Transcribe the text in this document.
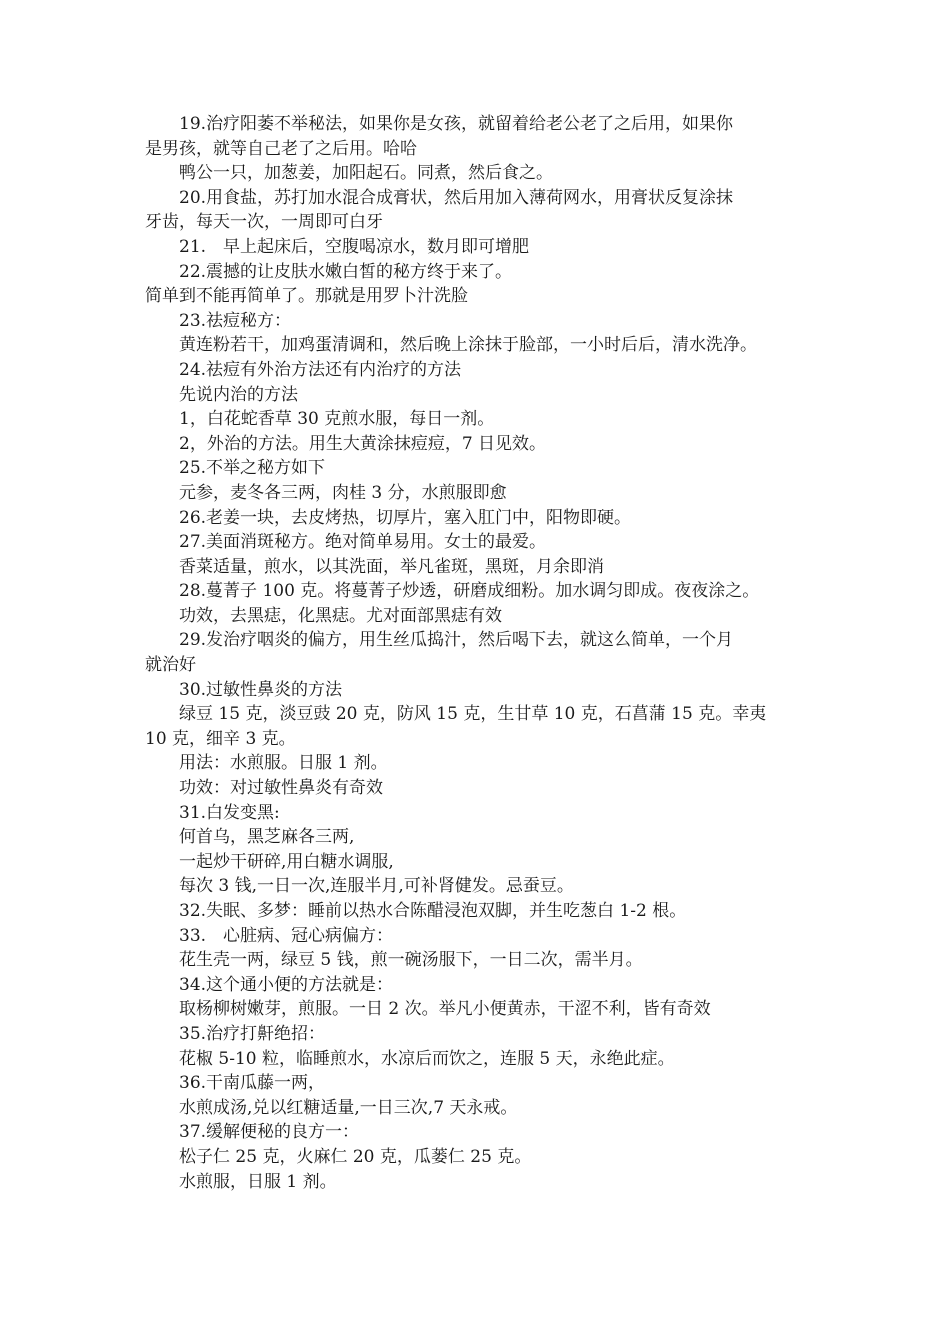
19.治疗阳萎不举秘法，如果你是女孩，就留着给老公老了之后用，如果你
是男孩，就等自己老了之后用。哈哈
鸭公一只，加葱姜，加阳起石。同煮，然后食之。
20.用食盐，苏打加水混合成膏状，然后用加入薄荷网水，用膏状反复涂抹
牙齿，每天一次，一周即可白牙
21.　早上起床后，空腹喝凉水，数月即可增肥
22.震撼的让皮肤水嫩白皙的秘方终于来了。
简单到不能再简单了。那就是用罗卜汁洗脸
23.祛痘秘方：
黄连粉若干，加鸡蛋清调和，然后晚上涂抹于脸部，一小时后后，清水洗净。
24.祛痘有外治方法还有内治疗的方法
先说内治的方法
1，白花蛇香草 30 克煎水服，每日一剂。
2，外治的方法。用生大黄涂抹痘痘，7 日见效。
25.不举之秘方如下
元参，麦冬各三两，肉桂 3 分，水煎服即愈
26.老姜一块，去皮烤热，切厚片，塞入肛门中，阳物即硬。
27.美面消斑秘方。绝对简单易用。女士的最爱。
香菜适量，煎水，以其洗面，举凡雀斑，黑斑，月余即消
28.蔓菁子 100 克。将蔓菁子炒透，研磨成细粉。加水调匀即成。夜夜涂之。
功效，去黑痣，化黑痣。尤对面部黑痣有效
29.发治疗咽炎的偏方，用生丝瓜捣汁，然后喝下去，就这么简单，一个月
就治好
30.过敏性鼻炎的方法
绿豆 15 克，淡豆豉 20 克，防风 15 克，生甘草 10 克，石菖蒲 15 克。幸夷
10 克，细辛 3 克。
用法：水煎服。日服 1 剂。
功效：对过敏性鼻炎有奇效
31.白发变黑:
何首乌，黑芝麻各三两,
一起炒干研碎,用白糖水调服,
每次 3 钱,一日一次,连服半月,可补肾健发。忌蚕豆。
32.失眠、多梦：睡前以热水合陈醋浸泡双脚，并生吃葱白 1-2 根。
33.　心脏病、冠心病偏方：
花生壳一两，绿豆 5 钱，煎一碗汤服下，一日二次，需半月。
34.这个通小便的方法就是：
取杨柳树嫩芽，煎服。一日 2 次。举凡小便黄赤，干涩不利，皆有奇效
35.治疗打鼾绝招：
花椒 5-10 粒，临睡煎水，水凉后而饮之，连服 5 天，永绝此症。
36.干南瓜藤一两，
水煎成汤,兑以红糖适量,一日三次,7 天永戒。
37.缓解便秘的良方一：
松子仁 25 克，火麻仁 20 克，瓜蒌仁 25 克。
水煎服，日服 1 剂。
